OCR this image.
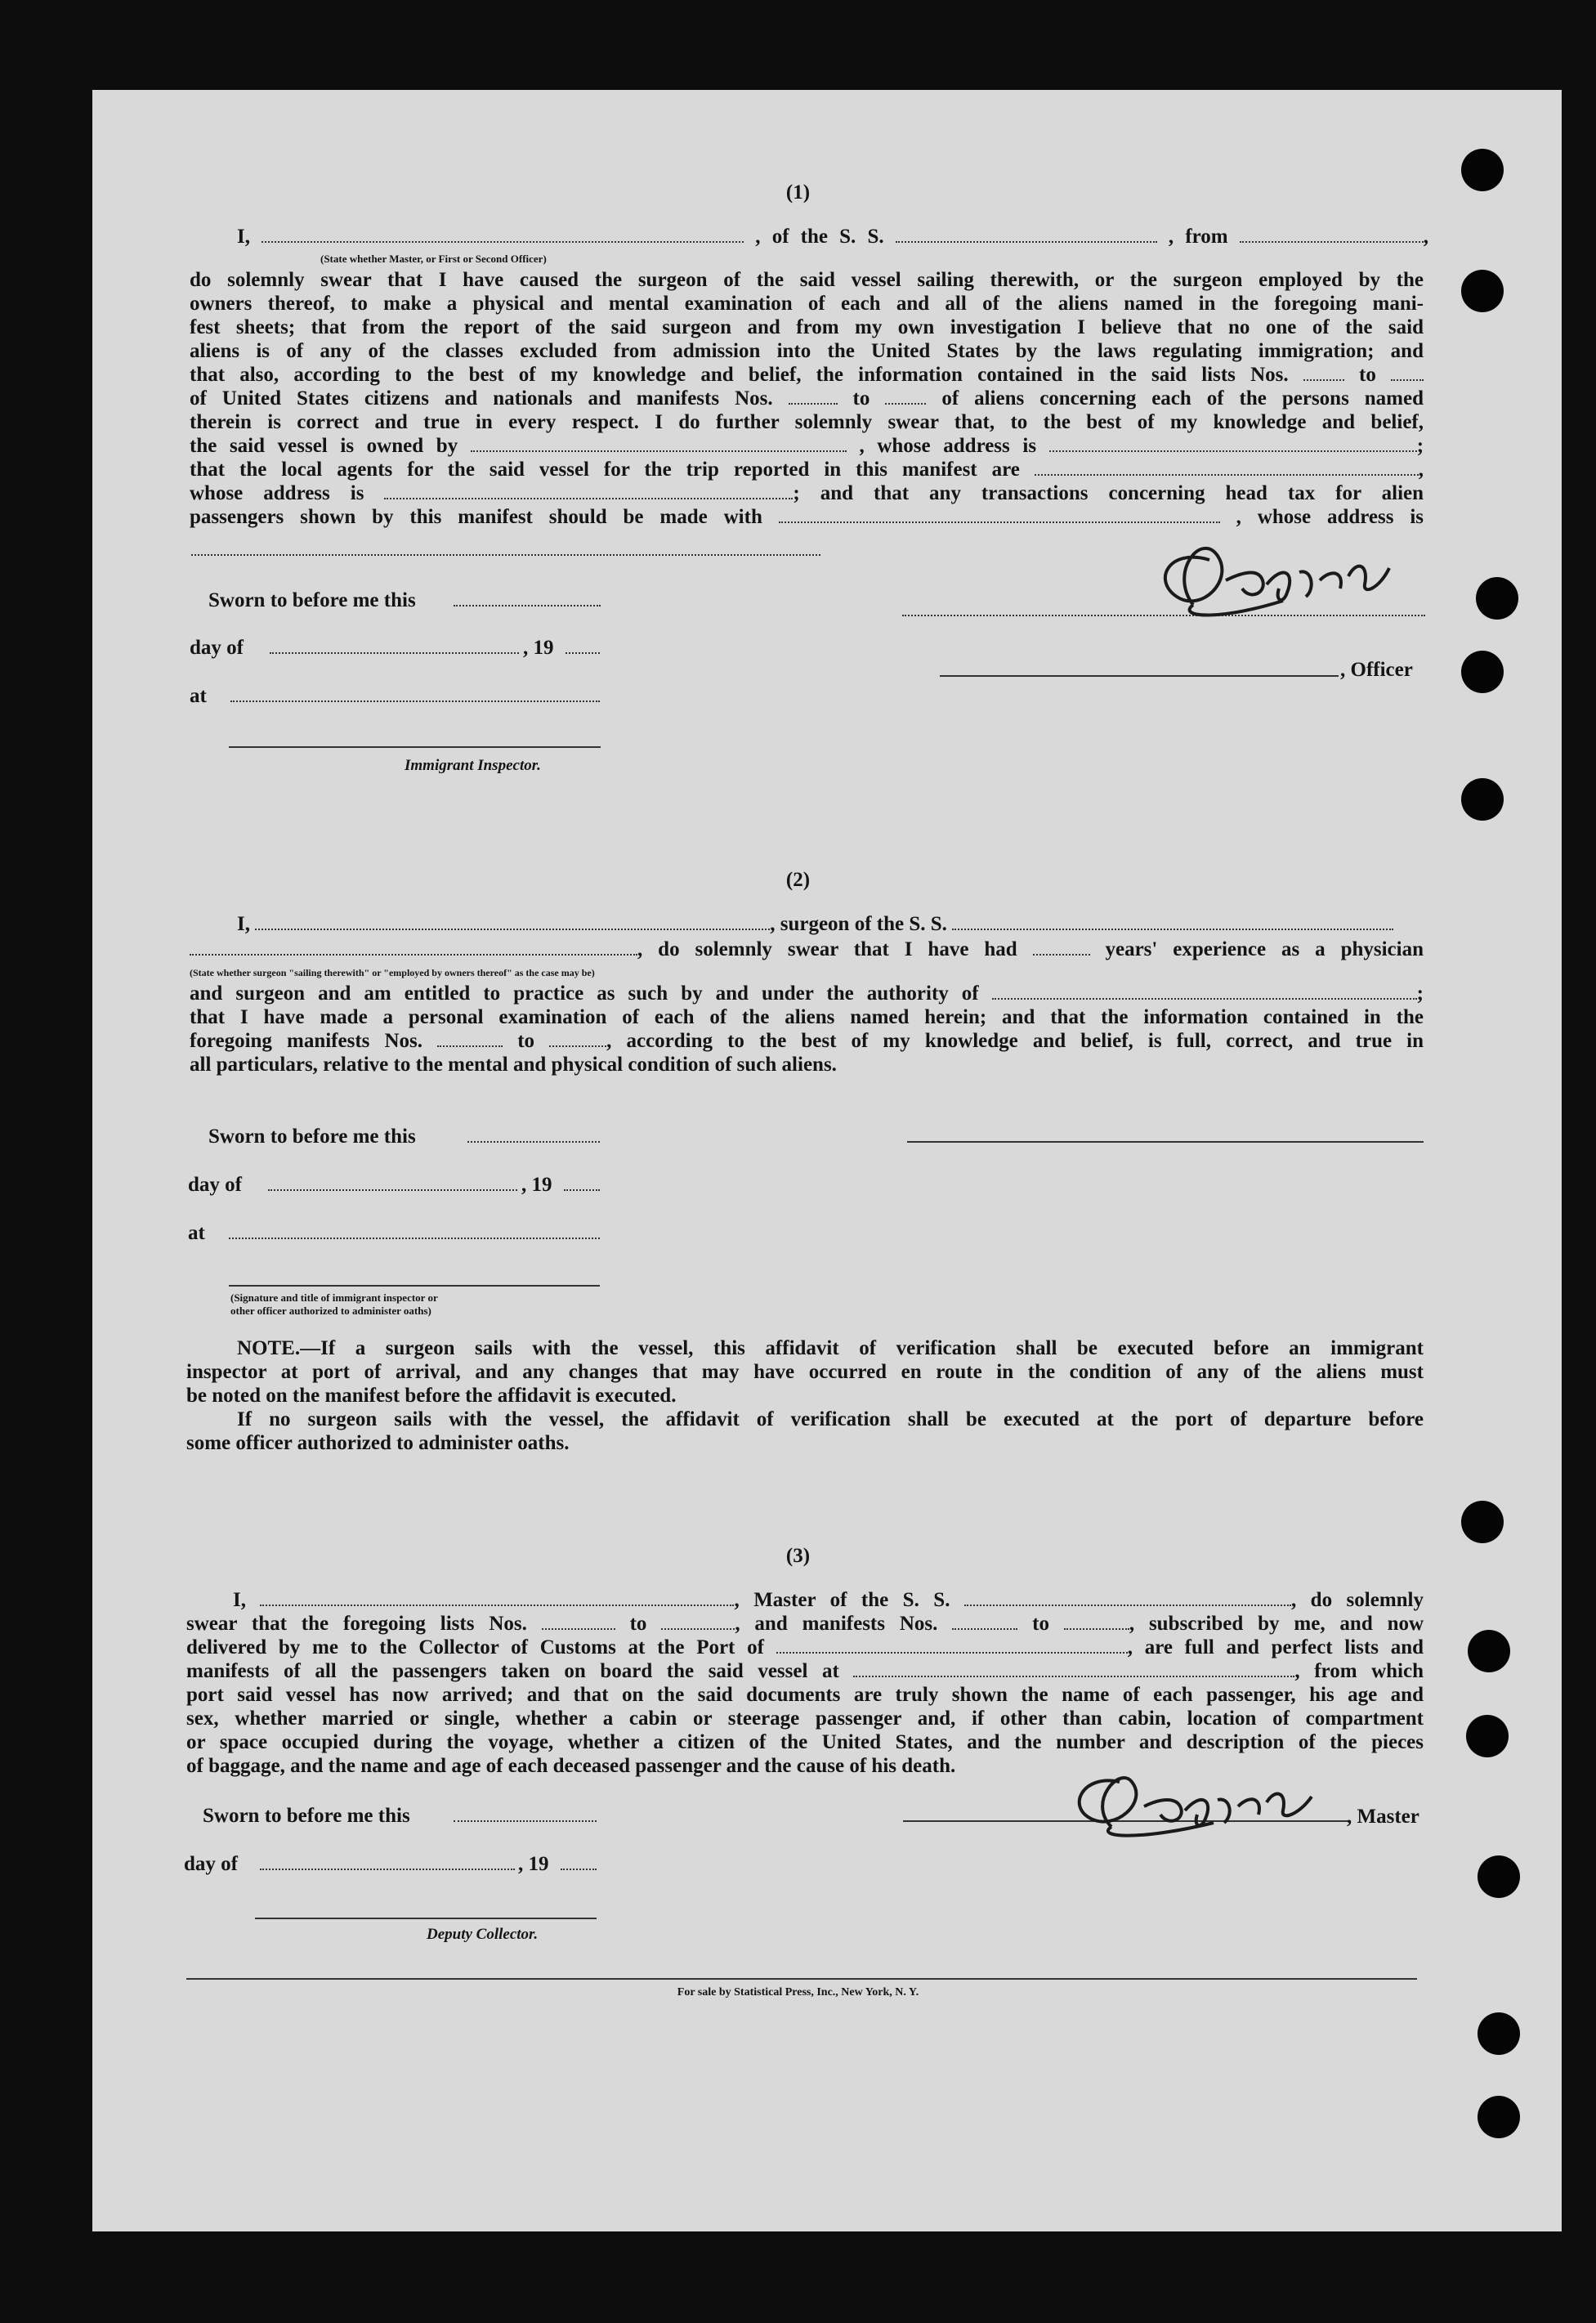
(1)
I,	, of the S. S.	, from	,
(State whether Master, or First or Second Officer)
do solemnly swear that I have caused the surgeon of the said vessel sailing therewith, or the surgeon employed by the
owners thereof, to make a physical and mental examination of each and all of the aliens named in the foregoing mani-
fest sheets; that from the report of the said surgeon and from my own investigation I believe that no one of the said
aliens is of any of the classes excluded from admission into the United States by the laws regulating immigration; and
that also, according to the best of my knowledge and belief, the information contained in the said lists Nos.	to
of United States citizens and nationals and manifests Nos.	to	of aliens concerning each of the persons named
therein is correct and true in every respect. I do further solemnly swear that, to the best of my knowledge and belief,
the said vessel is owned by	, whose address is	;
that the local agents for the said vessel for the trip reported in this manifest are	,
whose address is	; and that any transactions concerning head tax for alien
passengers shown by this manifest should be made with	, whose address is
Sworn to before me this
day of	, 19
at
Immigrant Inspector.
, Officer
(2)
I,	, surgeon of the S. S.
, do solemnly swear that I have had	years' experience as a physician
(State whether surgeon "sailing therewith" or "employed by owners thereof" as the case may be)
and surgeon and am entitled to practice as such by and under the authority of	;
that I have made a personal examination of each of the aliens named herein; and that the information contained in the
foregoing manifests Nos.	to	, according to the best of my knowledge and belief, is full, correct, and true in
all particulars, relative to the mental and physical condition of such aliens.
Sworn to before me this
day of	, 19
at
(Signature and title of immigrant inspector or
other officer authorized to administer oaths)
NOTE.—If a surgeon sails with the vessel, this affidavit of verification shall be executed before an immigrant
inspector at port of arrival, and any changes that may have occurred en route in the condition of any of the aliens must
be noted on the manifest before the affidavit is executed.
If no surgeon sails with the vessel, the affidavit of verification shall be executed at the port of departure before
some officer authorized to administer oaths.
(3)
I,	, Master of the S. S.	, do solemnly
swear that the foregoing lists Nos.	to	, and manifests Nos.	to	, subscribed by me, and now
delivered by me to the Collector of Customs at the Port of	, are full and perfect lists and
manifests of all the passengers taken on board the said vessel at	, from which
port said vessel has now arrived; and that on the said documents are truly shown the name of each passenger, his age and
sex, whether married or single, whether a cabin or steerage passenger and, if other than cabin, location of compartment
or space occupied during the voyage, whether a citizen of the United States, and the number and description of the pieces
of baggage, and the name and age of each deceased passenger and the cause of his death.
Sworn to before me this	, Master
day of	, 19
Deputy Collector.
For sale by Statistical Press, Inc., New York, N. Y.
